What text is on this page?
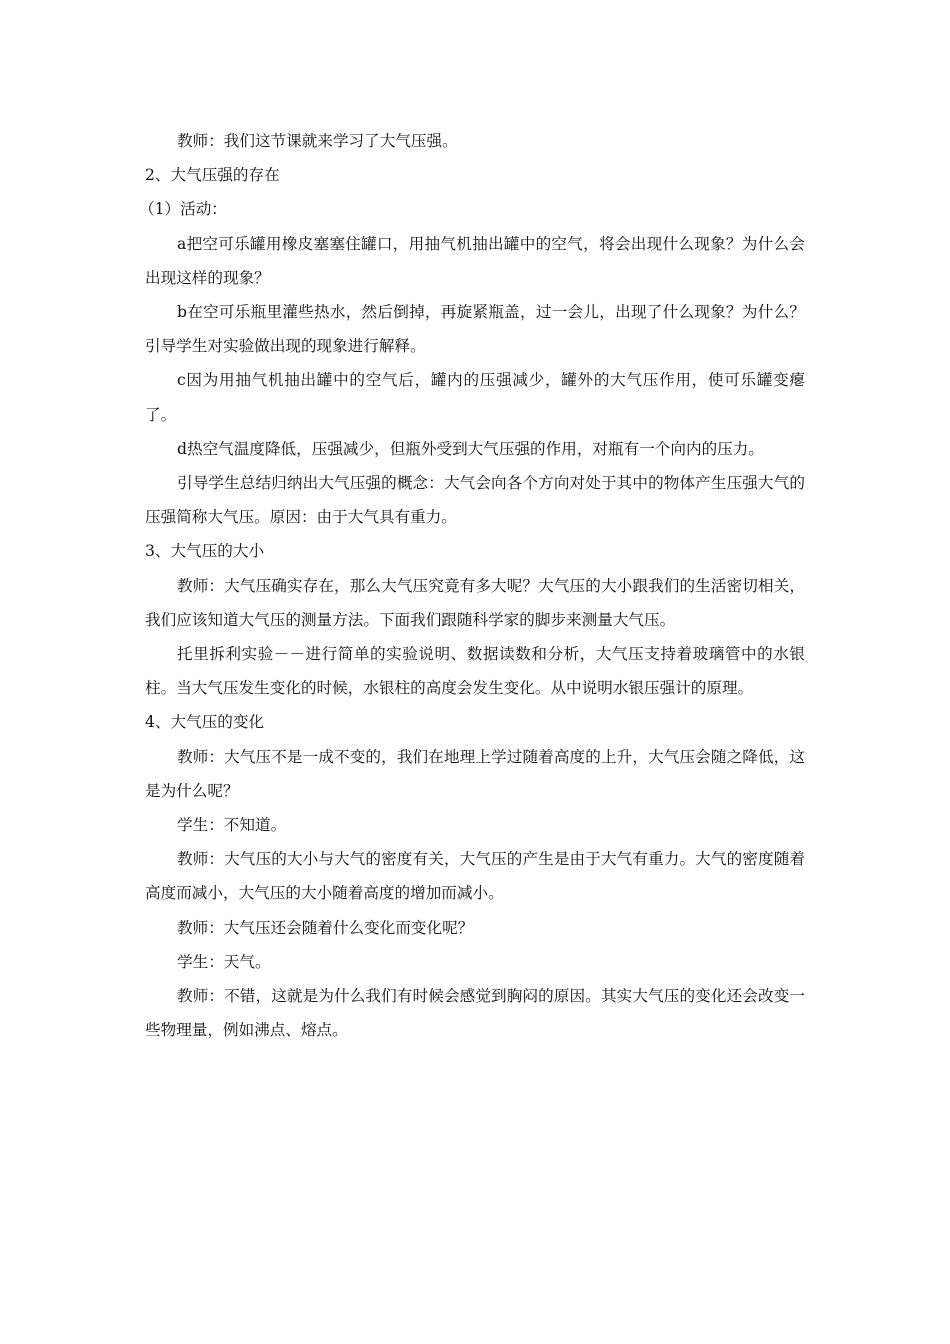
教师：我们这节课就来学习了大气压强。

2、大气压强的存在

（1）活动：

a把空可乐罐用橡皮塞塞住罐口，用抽气机抽出罐中的空气，将会出现什么现象？为什么会出现这样的现象？

b在空可乐瓶里灌些热水，然后倒掉，再旋紧瓶盖，过一会儿，出现了什么现象？为什么？引导学生对实验做出现的现象进行解释。

c因为用抽气机抽出罐中的空气后，罐内的压强减少，罐外的大气压作用，使可乐罐变瘪了。

d热空气温度降低，压强减少，但瓶外受到大气压强的作用，对瓶有一个向内的压力。

引导学生总结归纳出大气压强的概念：大气会向各个方向对处于其中的物体产生压强大气的压强简称大气压。原因：由于大气具有重力。

3、大气压的大小

教师：大气压确实存在，那么大气压究竟有多大呢？大气压的大小跟我们的生活密切相关，我们应该知道大气压的测量方法。下面我们跟随科学家的脚步来测量大气压。

托里拆利实验－－进行简单的实验说明、数据读数和分析，大气压支持着玻璃管中的水银柱。当大气压发生变化的时候，水银柱的高度会发生变化。从中说明水银压强计的原理。

4、大气压的变化

教师：大气压不是一成不变的，我们在地理上学过随着高度的上升，大气压会随之降低，这是为什么呢？

学生：不知道。

教师：大气压的大小与大气的密度有关，大气压的产生是由于大气有重力。大气的密度随着高度而减小，大气压的大小随着高度的增加而减小。

教师：大气压还会随着什么变化而变化呢？

学生：天气。

教师：不错，这就是为什么我们有时候会感觉到胸闷的原因。其实大气压的变化还会改变一些物理量，例如沸点、熔点。
